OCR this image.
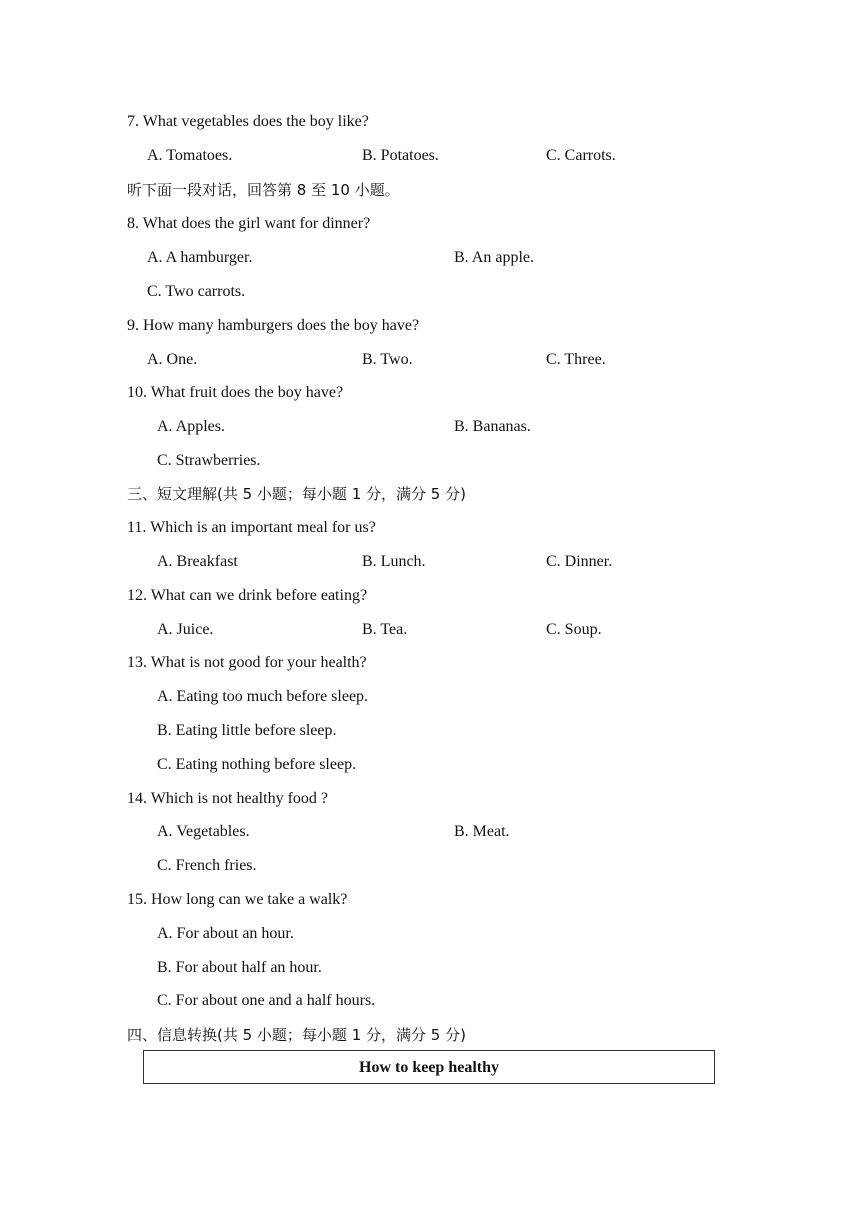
7. What vegetables does the boy like?
A. Tomatoes.	B. Potatoes.	C. Carrots.
听下面一段对话，回答第 8 至 10 小题。
8. What does the girl want for dinner?
A. A hamburger.	B. An apple.
C. Two carrots.
9. How many hamburgers does the boy have?
A. One.	B. Two.	C. Three.
10. What fruit does the boy have?
A. Apples.	B. Bananas.
C. Strawberries.
三、短文理解(共 5 小题；每小题 1 分，满分 5 分)
11. Which is an important meal for us?
A. Breakfast	B. Lunch.	C. Dinner.
12. What can we drink before eating?
A. Juice.	B. Tea.	C. Soup.
13. What is not good for your health?
A. Eating too much before sleep.
B. Eating little before sleep.
C. Eating nothing before sleep.
14. Which is not healthy food ?
A. Vegetables.	B. Meat.
C. French fries.
15. How long can we take a walk?
A. For about an hour.
B. For about half an hour.
C. For about one and a half hours.
四、信息转换(共 5 小题；每小题 1 分，满分 5 分)
How to keep healthy
